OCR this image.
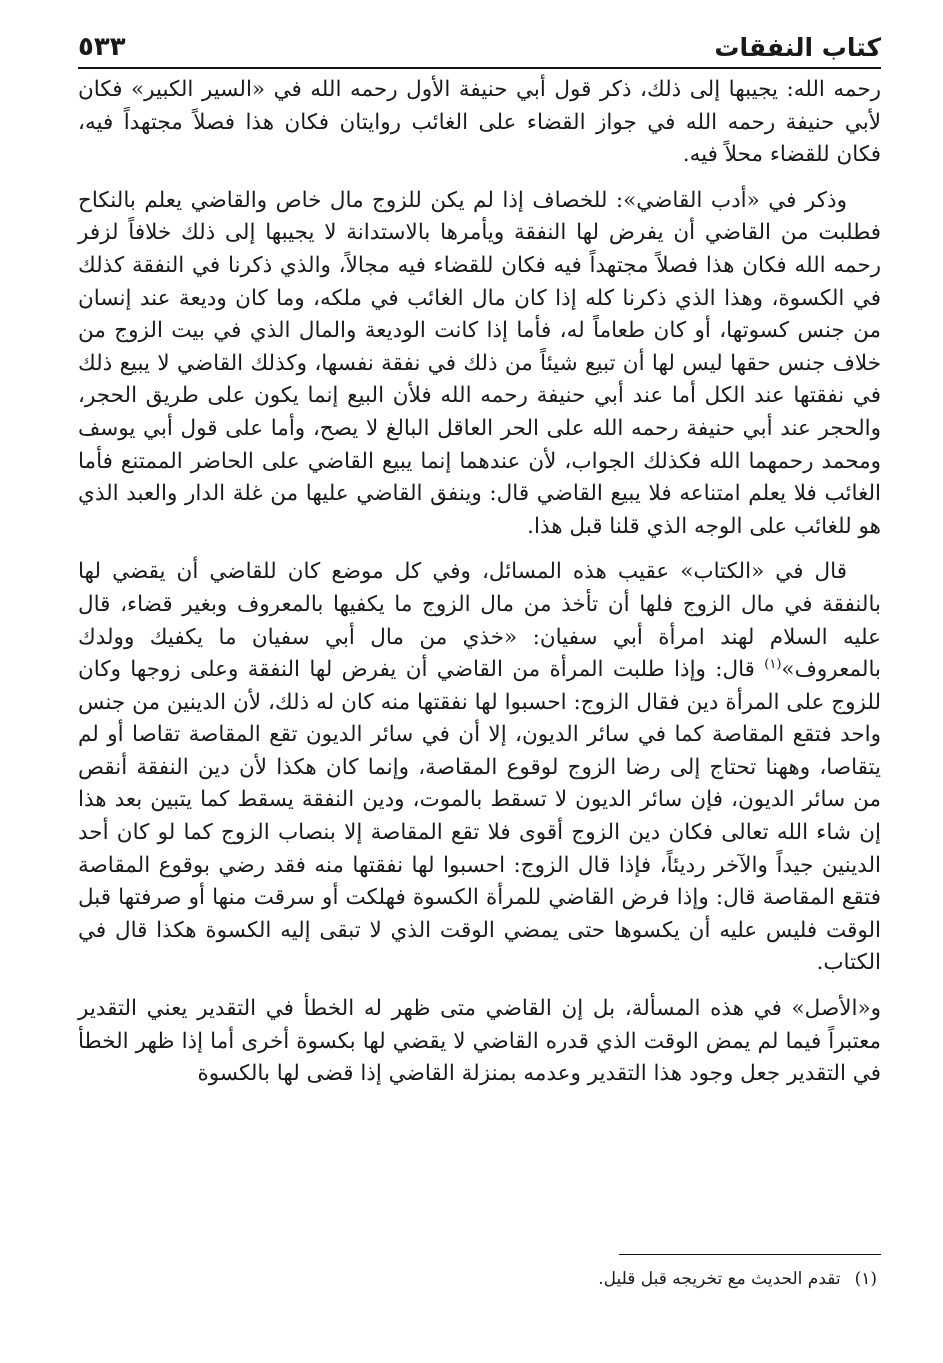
٥٣٣	كتاب النفقات

رحمه الله: يجيبها إلى ذلك، ذكر قول أبي حنيفة الأول رحمه الله في «السير الكبير» فكان لأبي حنيفة رحمه الله في جواز القضاء على الغائب روايتان فكان هذا فصلاً مجتهداً فيه، فكان للقضاء محلاً فيه.

وذكر في «أدب القاضي»: للخصاف إذا لم يكن للزوج مال خاص والقاضي يعلم بالنكاح فطلبت من القاضي أن يفرض لها النفقة ويأمرها بالاستدانة لا يجيبها إلى ذلك خلافاً لزفر رحمه الله فكان هذا فصلاً مجتهداً فيه فكان للقضاء فيه مجالاً، والذي ذكرنا في النفقة كذلك في الكسوة، وهذا الذي ذكرنا كله إذا كان مال الغائب في ملكه، وما كان وديعة عند إنسان من جنس كسوتها، أو كان طعاماً له، فأما إذا كانت الوديعة والمال الذي في بيت الزوج من خلاف جنس حقها ليس لها أن تبيع شيئاً من ذلك في نفقة نفسها، وكذلك القاضي لا يبيع ذلك في نفقتها عند الكل أما عند أبي حنيفة رحمه الله فلأن البيع إنما يكون على طريق الحجر، والحجر عند أبي حنيفة رحمه الله على الحر العاقل البالغ لا يصح، وأما على قول أبي يوسف ومحمد رحمهما الله فكذلك الجواب، لأن عندهما إنما يبيع القاضي على الحاضر الممتنع فأما الغائب فلا يعلم امتناعه فلا يبيع القاضي قال: وينفق القاضي عليها من غلة الدار والعبد الذي هو للغائب على الوجه الذي قلنا قبل هذا.

قال في «الكتاب» عقيب هذه المسائل، وفي كل موضع كان للقاضي أن يقضي لها بالنفقة في مال الزوج فلها أن تأخذ من مال الزوج ما يكفيها بالمعروف وبغير قضاء، قال عليه السلام لهند امرأة أبي سفيان: «خذي من مال أبي سفيان ما يكفيك وولدك بالمعروف»$^{(١)}$ قال: وإذا طلبت المرأة من القاضي أن يفرض لها النفقة وعلى زوجها وكان للزوج على المرأة دين فقال الزوج: احسبوا لها نفقتها منه كان له ذلك، لأن الدينين من جنس واحد فتقع المقاصة كما في سائر الديون، إلا أن في سائر الديون تقع المقاصة تقاصا أو لم يتقاصا، وههنا تحتاج إلى رضا الزوج لوقوع المقاصة، وإنما كان هكذا لأن دين النفقة أنقص من سائر الديون، فإن سائر الديون لا تسقط بالموت، ودين النفقة يسقط كما يتبين بعد هذا إن شاء الله تعالى فكان دين الزوج أقوى فلا تقع المقاصة إلا بنصاب الزوج كما لو كان أحد الدينين جيداً والآخر رديئاً، فإذا قال الزوج: احسبوا لها نفقتها منه فقد رضي بوقوع المقاصة فتقع المقاصة قال: وإذا فرض القاضي للمرأة الكسوة فهلكت أو سرقت منها أو صرفتها قبل الوقت فليس عليه أن يكسوها حتى يمضي الوقت الذي لا تبقى إليه الكسوة هكذا قال في الكتاب.

و«الأصل» في هذه المسألة، بل إن القاضي متى ظهر له الخطأ في التقدير يعني التقدير معتبراً فيما لم يمض الوقت الذي قدره القاضي لا يقضي لها بكسوة أخرى أما إذا ظهر الخطأ في التقدير جعل وجود هذا التقدير وعدمه بمنزلة القاضي إذا قضى لها بالكسوة

(١)تقدم الحديث مع تخريجه قبل قليل.
